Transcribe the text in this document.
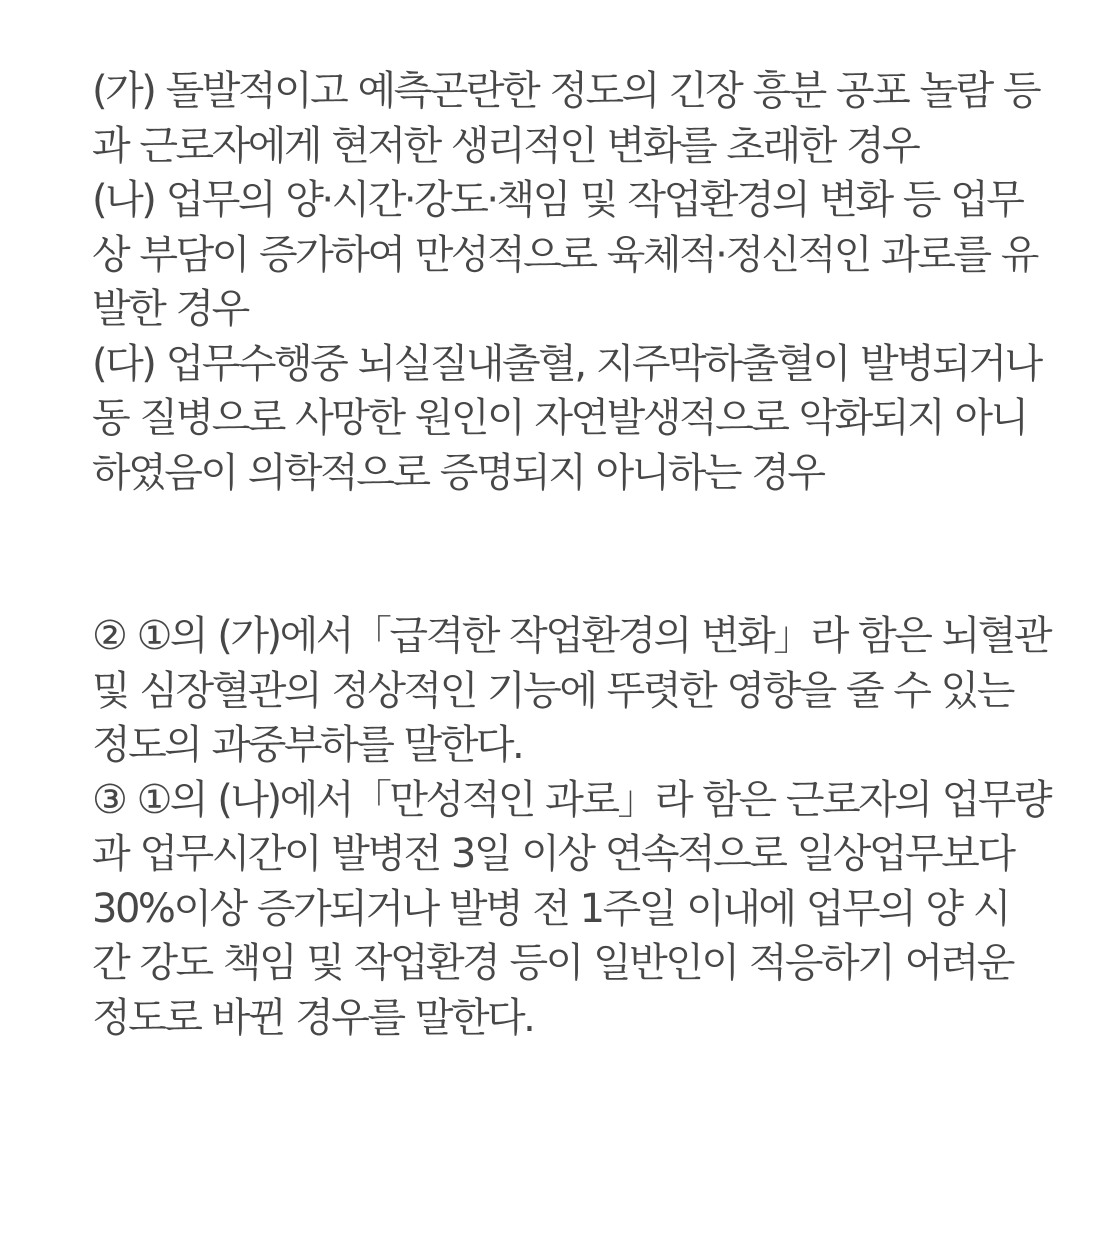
(가) 돌발적이고 예측곤란한 정도의 긴장 흥분 공포 놀람 등
과 근로자에게 현저한 생리적인 변화를 초래한 경우
(나) 업무의 양·시간·강도·책임 및 작업환경의 변화 등 업무
상 부담이 증가하여 만성적으로 육체적·정신적인 과로를 유
발한 경우
(다) 업무수행중 뇌실질내출혈, 지주막하출혈이 발병되거나
동 질병으로 사망한 원인이 자연발생적으로 악화되지 아니
하였음이 의학적으로 증명되지 아니하는 경우
② ①의 (가)에서「급격한 작업환경의 변화」라 함은 뇌혈관
및 심장혈관의 정상적인 기능에 뚜렷한 영향을 줄 수 있는
정도의 과중부하를 말한다.
③ ①의 (나)에서「만성적인 과로」라 함은 근로자의 업무량
과 업무시간이 발병전 3일 이상 연속적으로 일상업무보다
30%이상 증가되거나 발병 전 1주일 이내에 업무의 양 시
간 강도 책임 및 작업환경 등이 일반인이 적응하기 어려운
정도로 바뀐 경우를 말한다.
